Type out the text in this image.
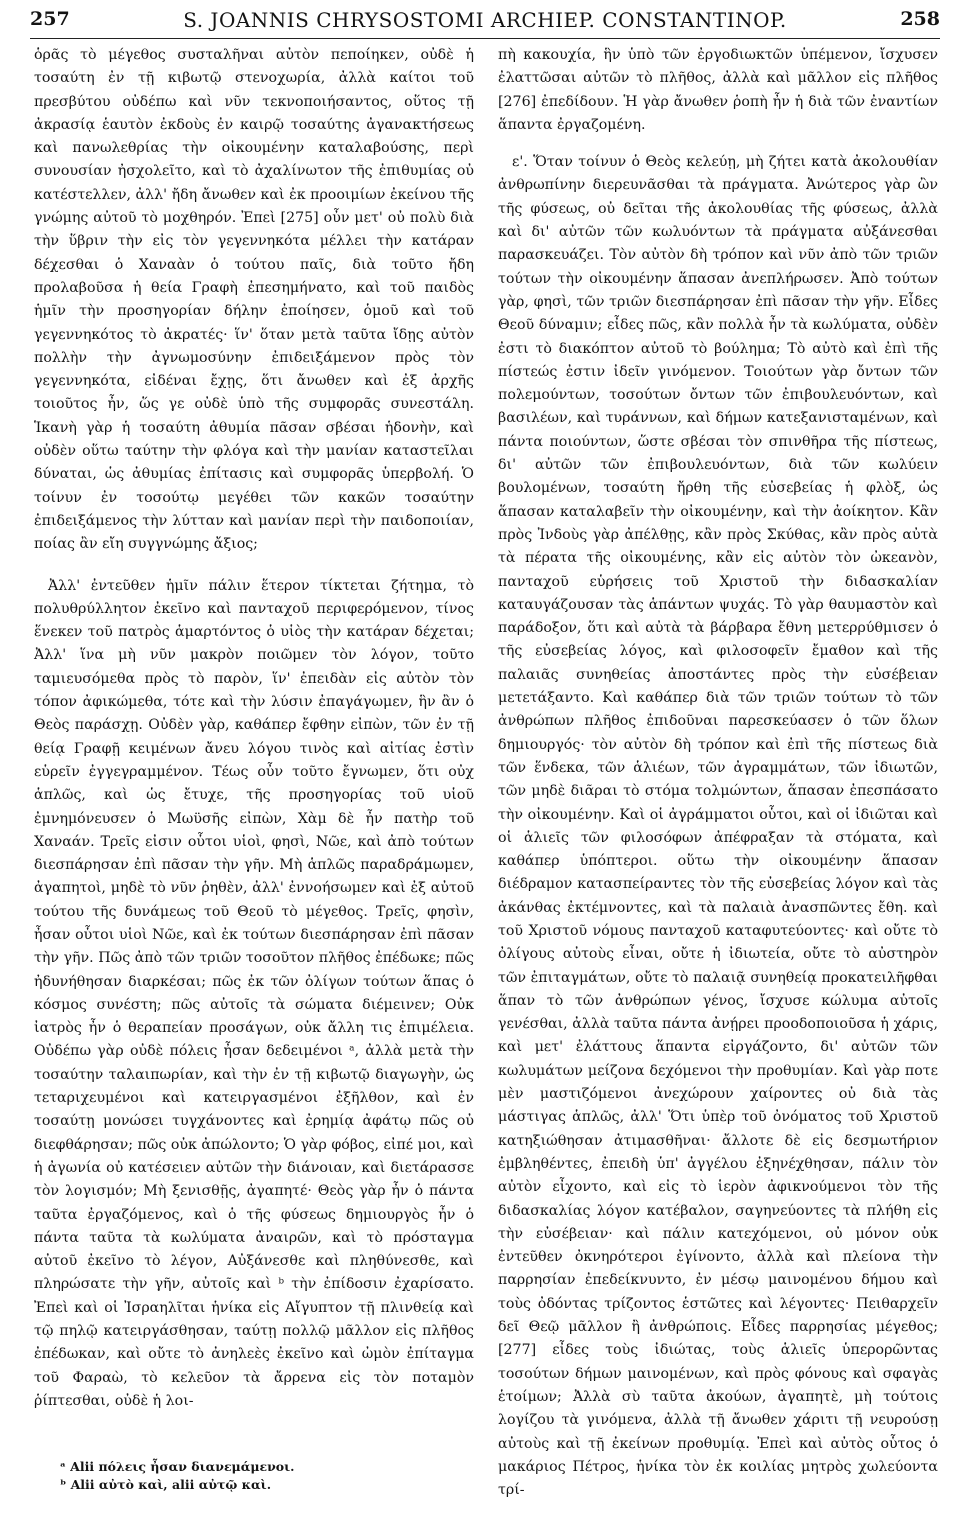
257	S. JOANNIS CHRYSOSTOMI ARCHIEP. CONSTANTINOP.	258

ὁρᾶς τὸ μέγεθος συσταλῆναι αὐτὸν πεποίηκεν, οὐδὲ ἡ τοσαύτη ἐν τῇ κιβωτῷ στενοχωρία, ἀλλὰ καίτοι τοῦ πρεσβύτου οὐδέπω καὶ νῦν τεκνοποιήσαντος, οὕτος τῇ ἀκρασίᾳ ἑαυτὸν ἐκδοὺς ἐν καιρῷ τοσαύτης ἀγανακτήσεως καὶ πανωλεθρίας τὴν οἰκουμένην καταλαβούσης, περὶ συνουσίαν ἠσχολεῖτο, καὶ τὸ ἀχαλίνωτον τῆς ἐπιθυμίας οὐ κατέστελλεν, ἀλλ' ἤδη ἄνωθεν καὶ ἐκ προοιμίων ἐκείνου τῆς γνώμης αὐτοῦ τὸ μοχθηρόν. Ἐπεὶ [275] οὖν μετ' οὐ πολὺ διὰ τὴν ὕβριν τὴν εἰς τὸν γεγεννηκότα μέλλει τὴν κατάραν δέχεσθαι ὁ Χαναὰν ὁ τούτου παῖς, διὰ τοῦτο ἤδη προλαβοῦσα ἡ θεία Γραφὴ ἐπεσημήνατο, καὶ τοῦ παιδὸς ἡμῖν τὴν προσηγορίαν δήλην ἐποίησεν, ὁμοῦ καὶ τοῦ γεγεννηκότος τὸ ἀκρατές· ἵν' ὅταν μετὰ ταῦτα ἴδῃς αὐτὸν πολλὴν τὴν ἀγνωμοσύνην ἐπιδειξάμενον πρὸς τὸν γεγεννηκότα, εἰδέναι ἔχῃς, ὅτι ἄνωθεν καὶ ἐξ ἀρχῆς τοιοῦτος ἦν, ὥς γε οὐδὲ ὑπὸ τῆς συμφορᾶς συνεστάλη. Ἱκανὴ γὰρ ἡ τοσαύτη ἀθυμία πᾶσαν σβέσαι ἡδονὴν, καὶ οὐδὲν οὕτω ταύτην τὴν φλόγα καὶ τὴν μανίαν καταστεῖλαι δύναται, ὡς ἀθυμίας ἐπίτασις καὶ συμφορᾶς ὑπερβολή. Ὁ τοίνυν ἐν τοσούτῳ μεγέθει τῶν κακῶν τοσαύτην ἐπιδειξάμενος τὴν λύτταν καὶ μανίαν περὶ τὴν παιδοποιίαν, ποίας ἂν εἴη συγγνώμης ἄξιος;

Ἀλλ' ἐντεῦθεν ἡμῖν πάλιν ἕτερον τίκτεται ζήτημα, τὸ πολυθρύλλητον ἐκεῖνο καὶ πανταχοῦ περιφερόμενον, τίνος ἕνεκεν τοῦ πατρὸς ἁμαρτόντος ὁ υἱὸς τὴν κατάραν δέχεται; Ἀλλ' ἵνα μὴ νῦν μακρὸν ποιῶμεν τὸν λόγον, τοῦτο ταμιευσόμεθα πρὸς τὸ παρὸν, ἵν' ἐπειδὰν εἰς αὐτὸν τὸν τόπον ἀφικώμεθα, τότε καὶ τὴν λύσιν ἐπαγάγωμεν, ἣν ἂν ὁ Θεὸς παράσχῃ. Οὐδὲν γὰρ, καθάπερ ἔφθην εἰπὼν, τῶν ἐν τῇ θείᾳ Γραφῇ κειμένων ἄνευ λόγου τινὸς καὶ αἰτίας ἐστὶν εὑρεῖν ἐγγεγραμμένον. Τέως οὖν τοῦτο ἔγνωμεν, ὅτι οὐχ ἁπλῶς, καὶ ὡς ἔτυχε, τῆς προσηγορίας τοῦ υἱοῦ ἐμνημόνευσεν ὁ Μωϋσῆς εἰπὼν, Χὰμ δὲ ἦν πατὴρ τοῦ Χαναάν. Τρεῖς εἰσιν οὗτοι υἱοὶ, φησὶ, Νῶε, καὶ ἀπὸ τούτων διεσπάρησαν ἐπὶ πᾶσαν τὴν γῆν. Μὴ ἁπλῶς παραδράμωμεν, ἀγαπητοὶ, μηδὲ τὸ νῦν ῥηθὲν, ἀλλ' ἐννοήσωμεν καὶ ἐξ αὐτοῦ τούτου τῆς δυνάμεως τοῦ Θεοῦ τὸ μέγεθος. Τρεῖς, φησὶν, ἦσαν οὗτοι υἱοὶ Νῶε, καὶ ἐκ τούτων διεσπάρησαν ἐπὶ πᾶσαν τὴν γῆν. Πῶς ἀπὸ τῶν τριῶν τοσοῦτον πλῆθος ἐπέδωκε; πῶς ἠδυνήθησαν διαρκέσαι; πῶς ἐκ τῶν ὀλίγων τούτων ἅπας ὁ κόσμος συνέστη; πῶς αὐτοῖς τὰ σώματα διέμεινεν; Οὐκ ἰατρὸς ἦν ὁ θεραπείαν προσάγων, οὐκ ἄλλη τις ἐπιμέλεια. Οὐδέπω γὰρ οὐδὲ πόλεις ἦσαν δεδειμένοι ᵃ, ἀλλὰ μετὰ τὴν τοσαύτην ταλαιπωρίαν, καὶ τὴν ἐν τῇ κιβωτῷ διαγωγὴν, ὡς τεταριχευμένοι καὶ κατειργασμένοι ἐξῆλθον, καὶ ἐν τοσαύτῃ μονώσει τυγχάνοντες καὶ ἐρημίᾳ ἀφάτῳ πῶς οὐ διεφθάρησαν; πῶς οὐκ ἀπώλοντο; Ὁ γὰρ φόβος, εἰπέ μοι, καὶ ἡ ἀγωνία οὐ κατέσειεν αὐτῶν τὴν διάνοιαν, καὶ διετάρασσε τὸν λογισμόν; Μὴ ξενισθῇς, ἀγαπητέ· Θεὸς γὰρ ἦν ὁ πάντα ταῦτα ἐργαζόμενος, καὶ ὁ τῆς φύσεως δημιουργὸς ἦν ὁ πάντα ταῦτα τὰ κωλύματα ἀναιρῶν, καὶ τὸ πρόσταγμα αὐτοῦ ἐκεῖνο τὸ λέγον, Αὐξάνεσθε καὶ πληθύνεσθε, καὶ πληρώσατε τὴν γῆν, αὐτοῖς καὶ ᵇ τὴν ἐπίδοσιν ἐχαρίσατο. Ἐπεὶ καὶ οἱ Ἰσραηλῖται ἡνίκα εἰς Αἴγυπτον τῇ πλινθείᾳ καὶ τῷ πηλῷ κατειργάσθησαν, ταύτῃ πολλῷ μᾶλλον εἰς πλῆθος ἐπέδωκαν, καὶ οὔτε τὸ ἀνηλεὲς ἐκεῖνο καὶ ὠμὸν ἐπίταγμα τοῦ Φαραὼ, τὸ κελεῦον τὰ ἄρρενα εἰς τὸν ποταμὸν ῥίπτεσθαι, οὐδὲ ἡ λοι-

πὴ κακουχία, ἣν ὑπὸ τῶν ἐργοδιωκτῶν ὑπέμενον, ἴσχυσεν ἐλαττῶσαι αὐτῶν τὸ πλῆθος, ἀλλὰ καὶ μᾶλλον εἰς πλῆθος [276] ἐπεδίδουν. Ἡ γὰρ ἄνωθεν ῥοπὴ ἦν ἡ διὰ τῶν ἐναντίων ἅπαντα ἐργαζομένη.

ε'. Ὅταν τοίνυν ὁ Θεὸς κελεύῃ, μὴ ζήτει κατὰ ἀκολουθίαν ἀνθρωπίνην διερευνᾶσθαι τὰ πράγματα. Ἀνώτερος γὰρ ὢν τῆς φύσεως, οὐ δεῖται τῆς ἀκολουθίας τῆς φύσεως, ἀλλὰ καὶ δι' αὐτῶν τῶν κωλυόντων τὰ πράγματα αὐξάνεσθαι παρασκευάζει. Τὸν αὐτὸν δὴ τρόπον καὶ νῦν ἀπὸ τῶν τριῶν τούτων τὴν οἰκουμένην ἅπασαν ἀνεπλήρωσεν. Ἀπὸ τούτων γὰρ, φησὶ, τῶν τριῶν διεσπάρησαν ἐπὶ πᾶσαν τὴν γῆν. Εἶδες Θεοῦ δύναμιν; εἶδες πῶς, κἂν πολλὰ ἦν τὰ κωλύματα, οὐδὲν ἐστι τὸ διακόπτον αὐτοῦ τὸ βούλημα; Τὸ αὐτὸ καὶ ἐπὶ τῆς πίστεώς ἐστιν ἰδεῖν γινόμενον. Τοιούτων γὰρ ὄντων τῶν πολεμούντων, τοσούτων ὄντων τῶν ἐπιβουλευόντων, καὶ βασιλέων, καὶ τυράννων, καὶ δήμων κατεξανισταμένων, καὶ πάντα ποιούντων, ὥστε σβέσαι τὸν σπινθῆρα τῆς πίστεως, δι' αὐτῶν τῶν ἐπιβουλευόντων, διὰ τῶν κωλύειν βουλομένων, τοσαύτη ἤρθη τῆς εὐσεβείας ἡ φλὸξ, ὡς ἅπασαν καταλαβεῖν τὴν οἰκουμένην, καὶ τὴν ἀοίκητον. Κἂν πρὸς Ἰνδοὺς γὰρ ἀπέλθῃς, κἂν πρὸς Σκύθας, κἂν πρὸς αὐτὰ τὰ πέρατα τῆς οἰκουμένης, κἂν εἰς αὐτὸν τὸν ὠκεανὸν, πανταχοῦ εὑρήσεις τοῦ Χριστοῦ τὴν διδασκαλίαν καταυγάζουσαν τὰς ἁπάντων ψυχάς. Τὸ γὰρ θαυμαστὸν καὶ παράδοξον, ὅτι καὶ αὐτὰ τὰ βάρβαρα ἔθνη μετερρύθμισεν ὁ τῆς εὐσεβείας λόγος, καὶ φιλοσοφεῖν ἔμαθον καὶ τῆς παλαιᾶς συνηθείας ἀποστάντες πρὸς τὴν εὐσέβειαν μετετάξαντο. Καὶ καθάπερ διὰ τῶν τριῶν τούτων τὸ τῶν ἀνθρώπων πλῆθος ἐπιδοῦναι παρεσκεύασεν ὁ τῶν ὅλων δημιουργός· τὸν αὐτὸν δὴ τρόπον καὶ ἐπὶ τῆς πίστεως διὰ τῶν ἕνδεκα, τῶν ἁλιέων, τῶν ἀγραμμάτων, τῶν ἰδιωτῶν, τῶν μηδὲ διᾶραι τὸ στόμα τολμώντων, ἅπασαν ἐπεσπάσατο τὴν οἰκουμένην. Καὶ οἱ ἀγράμματοι οὗτοι, καὶ οἱ ἰδιῶται καὶ οἱ ἁλιεῖς τῶν φιλοσόφων ἀπέφραξαν τὰ στόματα, καὶ καθάπερ ὑπόπτεροι. οὕτω τὴν οἰκουμένην ἅπασαν διέδραμον κατασπείραντες τὸν τῆς εὐσεβείας λόγον καὶ τὰς ἀκάνθας ἐκτέμνοντες, καὶ τὰ παλαιὰ ἀνασπῶντες ἔθη. καὶ τοῦ Χριστοῦ νόμους πανταχοῦ καταφυτεύοντες· καὶ οὔτε τὸ ὀλίγους αὐτοὺς εἶναι, οὔτε ἡ ἰδιωτεία, οὔτε τὸ αὐστηρὸν τῶν ἐπιταγμάτων, οὔτε τὸ παλαιᾷ συνηθείᾳ προκατειλῆφθαι ἅπαν τὸ τῶν ἀνθρώπων γένος, ἴσχυσε κώλυμα αὐτοῖς γενέσθαι, ἀλλὰ ταῦτα πάντα ἀνῄρει προοδοποιοῦσα ἡ χάρις, καὶ μετ' ἐλάττους ἅπαντα εἰργάζοντο, δι' αὐτῶν τῶν κωλυμάτων μείζονα δεχόμενοι τὴν προθυμίαν. Καὶ γὰρ ποτε μὲν μαστιζόμενοι ἀνεχώρουν χαίροντες οὐ διὰ τὰς μάστιγας ἁπλῶς, ἀλλ' Ὅτι ὑπὲρ τοῦ ὀνόματος τοῦ Χριστοῦ κατηξιώθησαν ἀτιμασθῆναι· ἄλλοτε δὲ εἰς δεσμωτήριον ἐμβληθέντες, ἐπειδὴ ὑπ' ἀγγέλου ἐξηνέχθησαν, πάλιν τὸν αὐτὸν εἶχοντο, καὶ εἰς τὸ ἱερὸν ἀφικνούμενοι τὸν τῆς διδασκαλίας λόγον κατέβαλον, σαγηνεύοντες τὰ πλήθη εἰς τὴν εὐσέβειαν· καὶ πάλιν κατεχόμενοι, οὐ μόνον οὐκ ἐντεῦθεν ὀκνηρότεροι ἐγίνοντο, ἀλλὰ καὶ πλείονα τὴν παρρησίαν ἐπεδείκνυντο, ἐν μέσῳ μαινομένου δήμου καὶ τοὺς ὀδόντας τρίζοντος ἑστῶτες καὶ λέγοντες· Πειθαρχεῖν δεῖ Θεῷ μᾶλλον ἢ ἀνθρώποις. Εἶδες παρρησίας μέγεθος; [277] εἶδες τοὺς ἰδιώτας, τοὺς ἁλιεῖς ὑπερορῶντας τοσούτων δήμων μαινομένων, καὶ πρὸς φόνους καὶ σφαγὰς ἑτοίμων; Ἀλλὰ σὺ ταῦτα ἀκούων, ἀγαπητὲ, μὴ τούτοις λογίζου τὰ γινόμενα, ἀλλὰ τῇ ἄνωθεν χάριτι τῇ νευρούσῃ αὐτοὺς καὶ τῇ ἐκείνων προθυμίᾳ. Ἐπεὶ καὶ αὐτὸς οὗτος ὁ μακάριος Πέτρος, ἡνίκα τὸν ἐκ κοιλίας μητρὸς χωλεύοντα τρί-

ᵃ Alii πόλεις ἦσαν διανεμάμενοι.
ᵇ Alii αὐτὸ καὶ, alii αὐτῷ καὶ.
